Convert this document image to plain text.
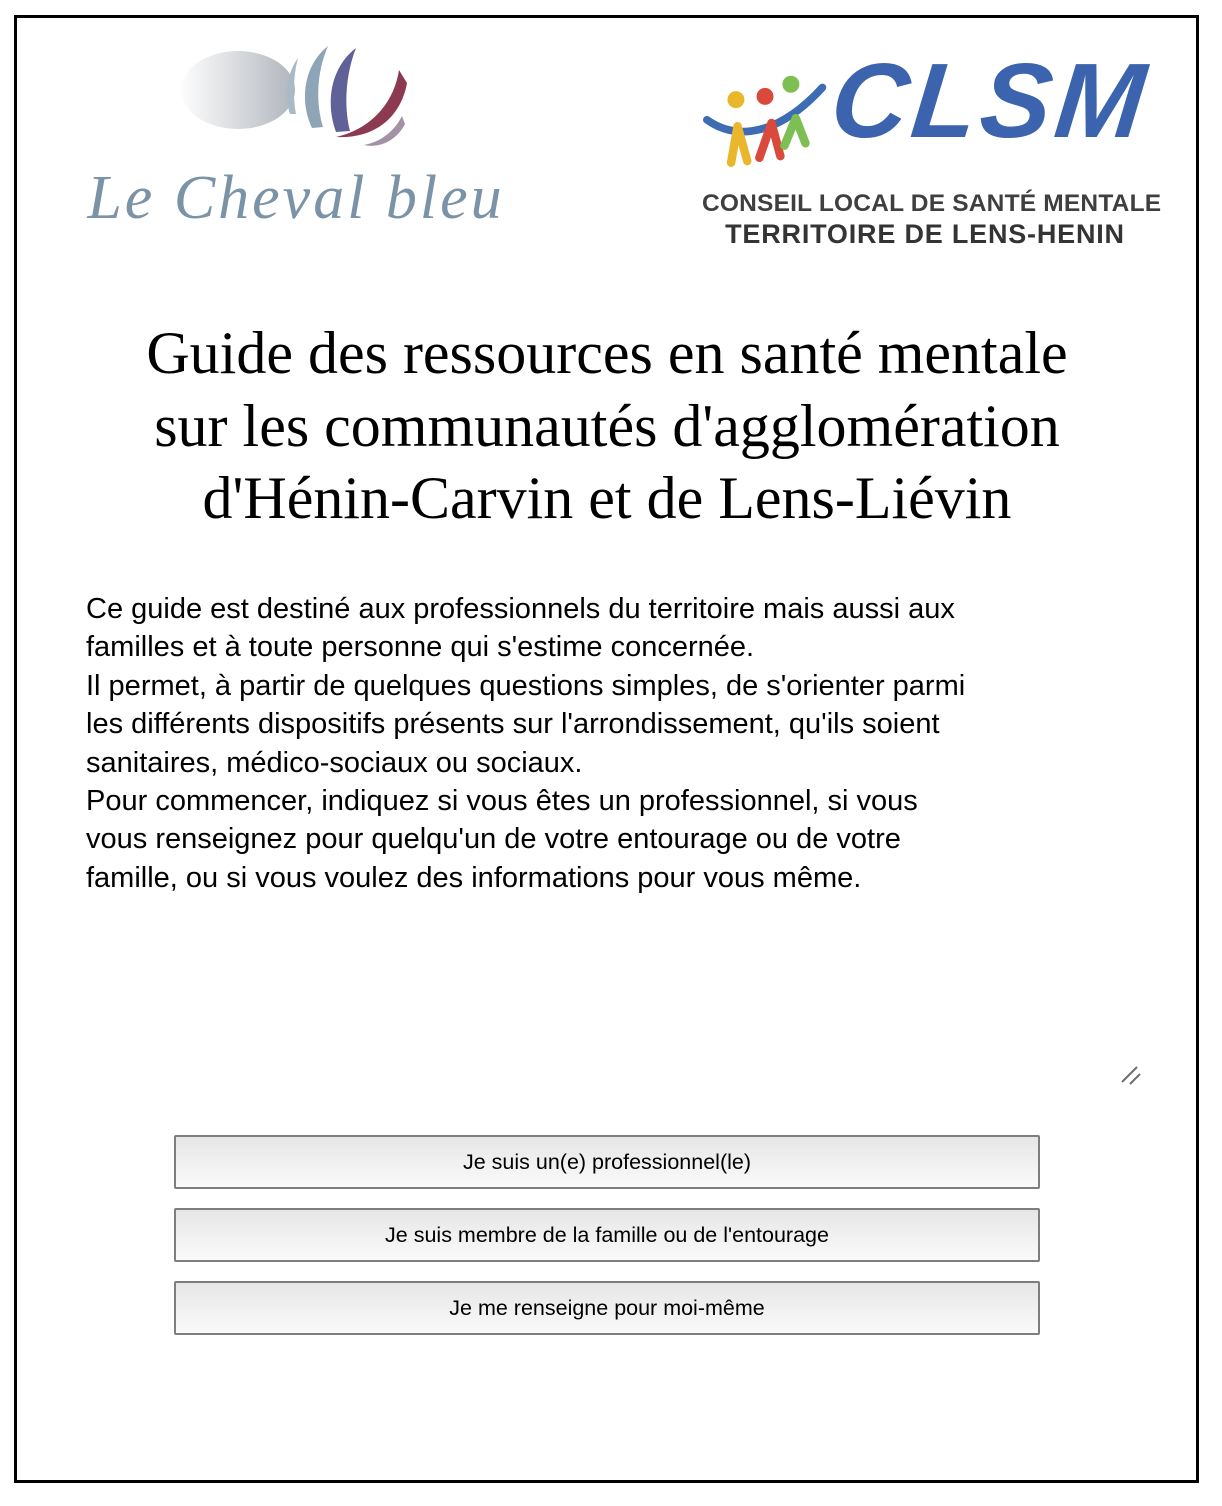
Le Cheval bleu
CLSM
CONSEIL LOCAL DE SANTÉ MENTALE
TERRITOIRE DE LENS-HENIN
Guide des ressources en santé mentale
sur les communautés d'agglomération
d'Hénin-Carvin et de Lens-Liévin
Ce guide est destiné aux professionnels du territoire mais aussi aux
familles et à toute personne qui s'estime concernée.
Il permet, à partir de quelques questions simples, de s'orienter parmi
les différents dispositifs présents sur l'arrondissement, qu'ils soient
sanitaires, médico-sociaux ou sociaux.
Pour commencer, indiquez si vous êtes un professionnel, si vous
vous renseignez pour quelqu'un de votre entourage ou de votre
famille, ou si vous voulez des informations pour vous même.
Je suis un(e) professionnel(le)
Je suis membre de la famille ou de l'entourage
Je me renseigne pour moi-même
